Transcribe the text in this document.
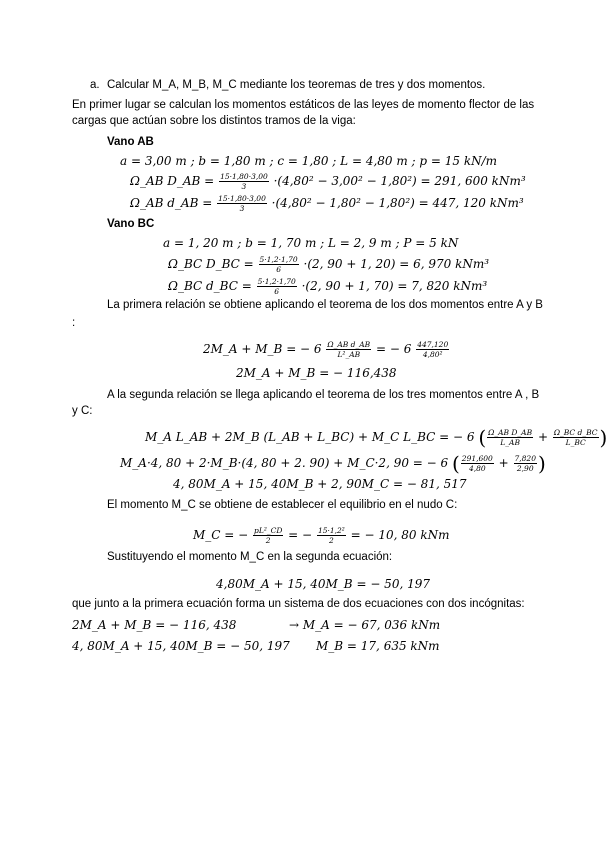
a. Calcular M_A, M_B, M_C mediante los teoremas de tres y dos momentos.
En primer lugar se calculan los momentos estáticos de las leyes de momento flector de las
cargas que actúan sobre los distintos tramos de la viga:
Vano AB
a = 3,00 m ; b = 1,80 m ; c = 1,80 ; L = 4,80 m ; p = 15 kN/m
Ω_AB D_AB = $\frac{15\cdot 1,80\cdot 3,00}{3} \cdot(4,80^2 - 3,00^2 - 1,80^2) = 291$, 600 kNm³
Ω_AB d_AB = $\frac{15\cdot 1,80\cdot 3,00}{3} \cdot(4,80^2 - 1,80^2 - 1,80^2) = 447$, 120 kNm³
Vano BC
a = 1, 20 m ; b = 1, 70 m ; L = 2, 9 m ; P = 5 kN
Ω_BC D_BC = $\frac{5\cdot 1,2\cdot 1,70}{6} \cdot(2$, 90 + 1, 20) = 6, 970 kNm³
Ω_BC d_BC = $\frac{5\cdot 1,2\cdot 1,70}{6} \cdot(2$, 90 + 1, 70) = 7, 820 kNm³
La primera relación se obtiene aplicando el teorema de los dos momentos entre A y B
:
2M_A + M_B = − $6 \frac{\text{Ω\_AB d\_AB}}{\text{L²\_AB}}$ = − $6 \frac{447,120}{\text{4,80²}}$
2M_A + M_B = − 116,438
A la segunda relación se llega aplicando el teorema de los tres momentos entre A , B
y C:
M_A L_AB + 2M_B (L_AB + L_BC) + M_C L_BC = − 6 ( $\frac{\text{Ω\_AB D\_AB}}{L\_AB} + \frac{\text{Ω\_BC d\_BC}}{L\_BC}$ )
M_A·4, 80 + 2·M_B·(4, 80 + 2. 90) + M_C·2, 90 = − 6 ( $\frac{291,600}{4,80} + \frac{7,820}{2,90}$ )
4, 80M_A + 15, 40M_B + 2, 90M_C = − 81, 517
El momento M_C se obtiene de establecer el equilibrio en el nudo C:
M_C = − $\frac{\text{pL²\_CD}}{2}$ = − $\frac{\text{15·1,2²}}{2}$ = − 10, 80 kNm
Sustituyendo el momento M_C en la segunda ecuación:
4,80M_A + 15, 40M_B = − 50, 197
que junto a la primera ecuación forma un sistema de dos ecuaciones con dos incógnitas:
2M_A + M_B = − 116, 438
4, 80M_A + 15, 40M_B = − 50, 197
→ M_A = − 67, 036 kNm
M_B = 17, 635 kNm
